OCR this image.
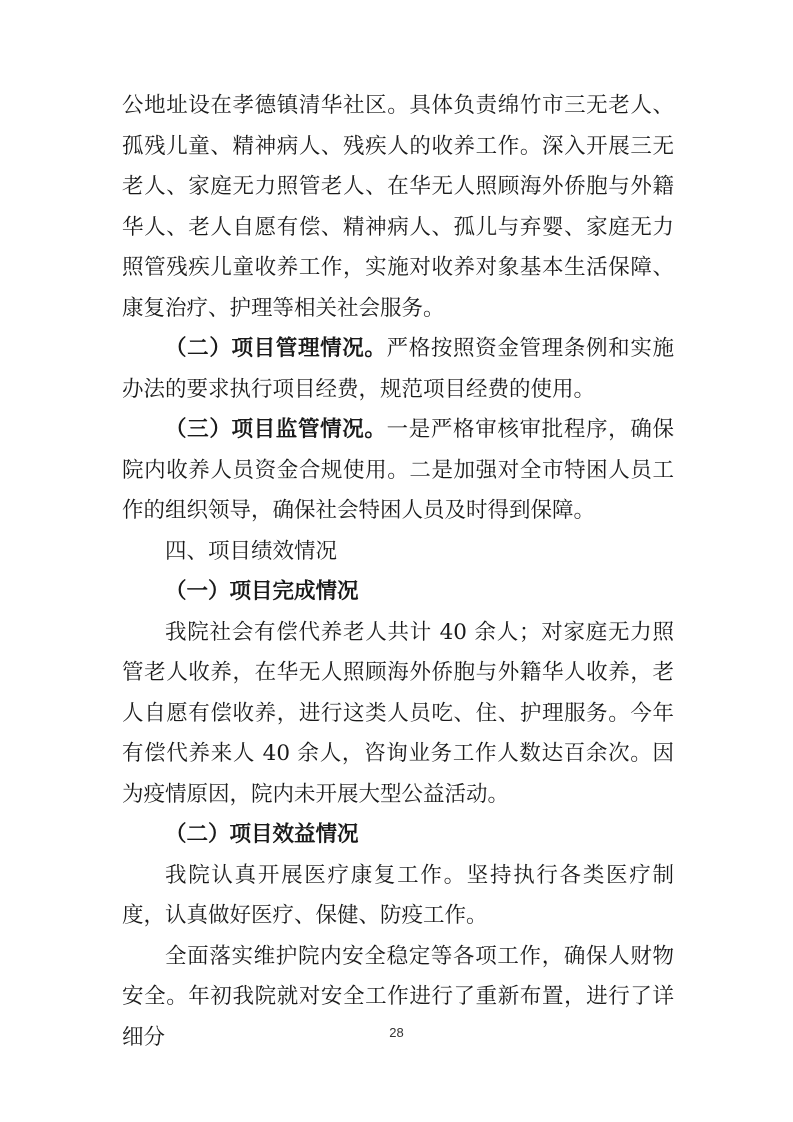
公地址设在孝德镇清华社区。具体负责绵竹市三无老人、孤残儿童、精神病人、残疾人的收养工作。深入开展三无老人、家庭无力照管老人、在华无人照顾海外侨胞与外籍华人、老人自愿有偿、精神病人、孤儿与弃婴、家庭无力照管残疾儿童收养工作，实施对收养对象基本生活保障、康复治疗、护理等相关社会服务。

（二）项目管理情况。严格按照资金管理条例和实施办法的要求执行项目经费，规范项目经费的使用。

（三）项目监管情况。一是严格审核审批程序，确保院内收养人员资金合规使用。二是加强对全市特困人员工作的组织领导，确保社会特困人员及时得到保障。

四、项目绩效情况

（一）项目完成情况

我院社会有偿代养老人共计 40 余人；对家庭无力照管老人收养，在华无人照顾海外侨胞与外籍华人收养，老人自愿有偿收养，进行这类人员吃、住、护理服务。今年有偿代养来人 40 余人，咨询业务工作人数达百余次。因为疫情原因，院内未开展大型公益活动。

（二）项目效益情况

我院认真开展医疗康复工作。坚持执行各类医疗制度，认真做好医疗、保健、防疫工作。

全面落实维护院内安全稳定等各项工作，确保人财物安全。年初我院就对安全工作进行了重新布置，进行了详细分	28
